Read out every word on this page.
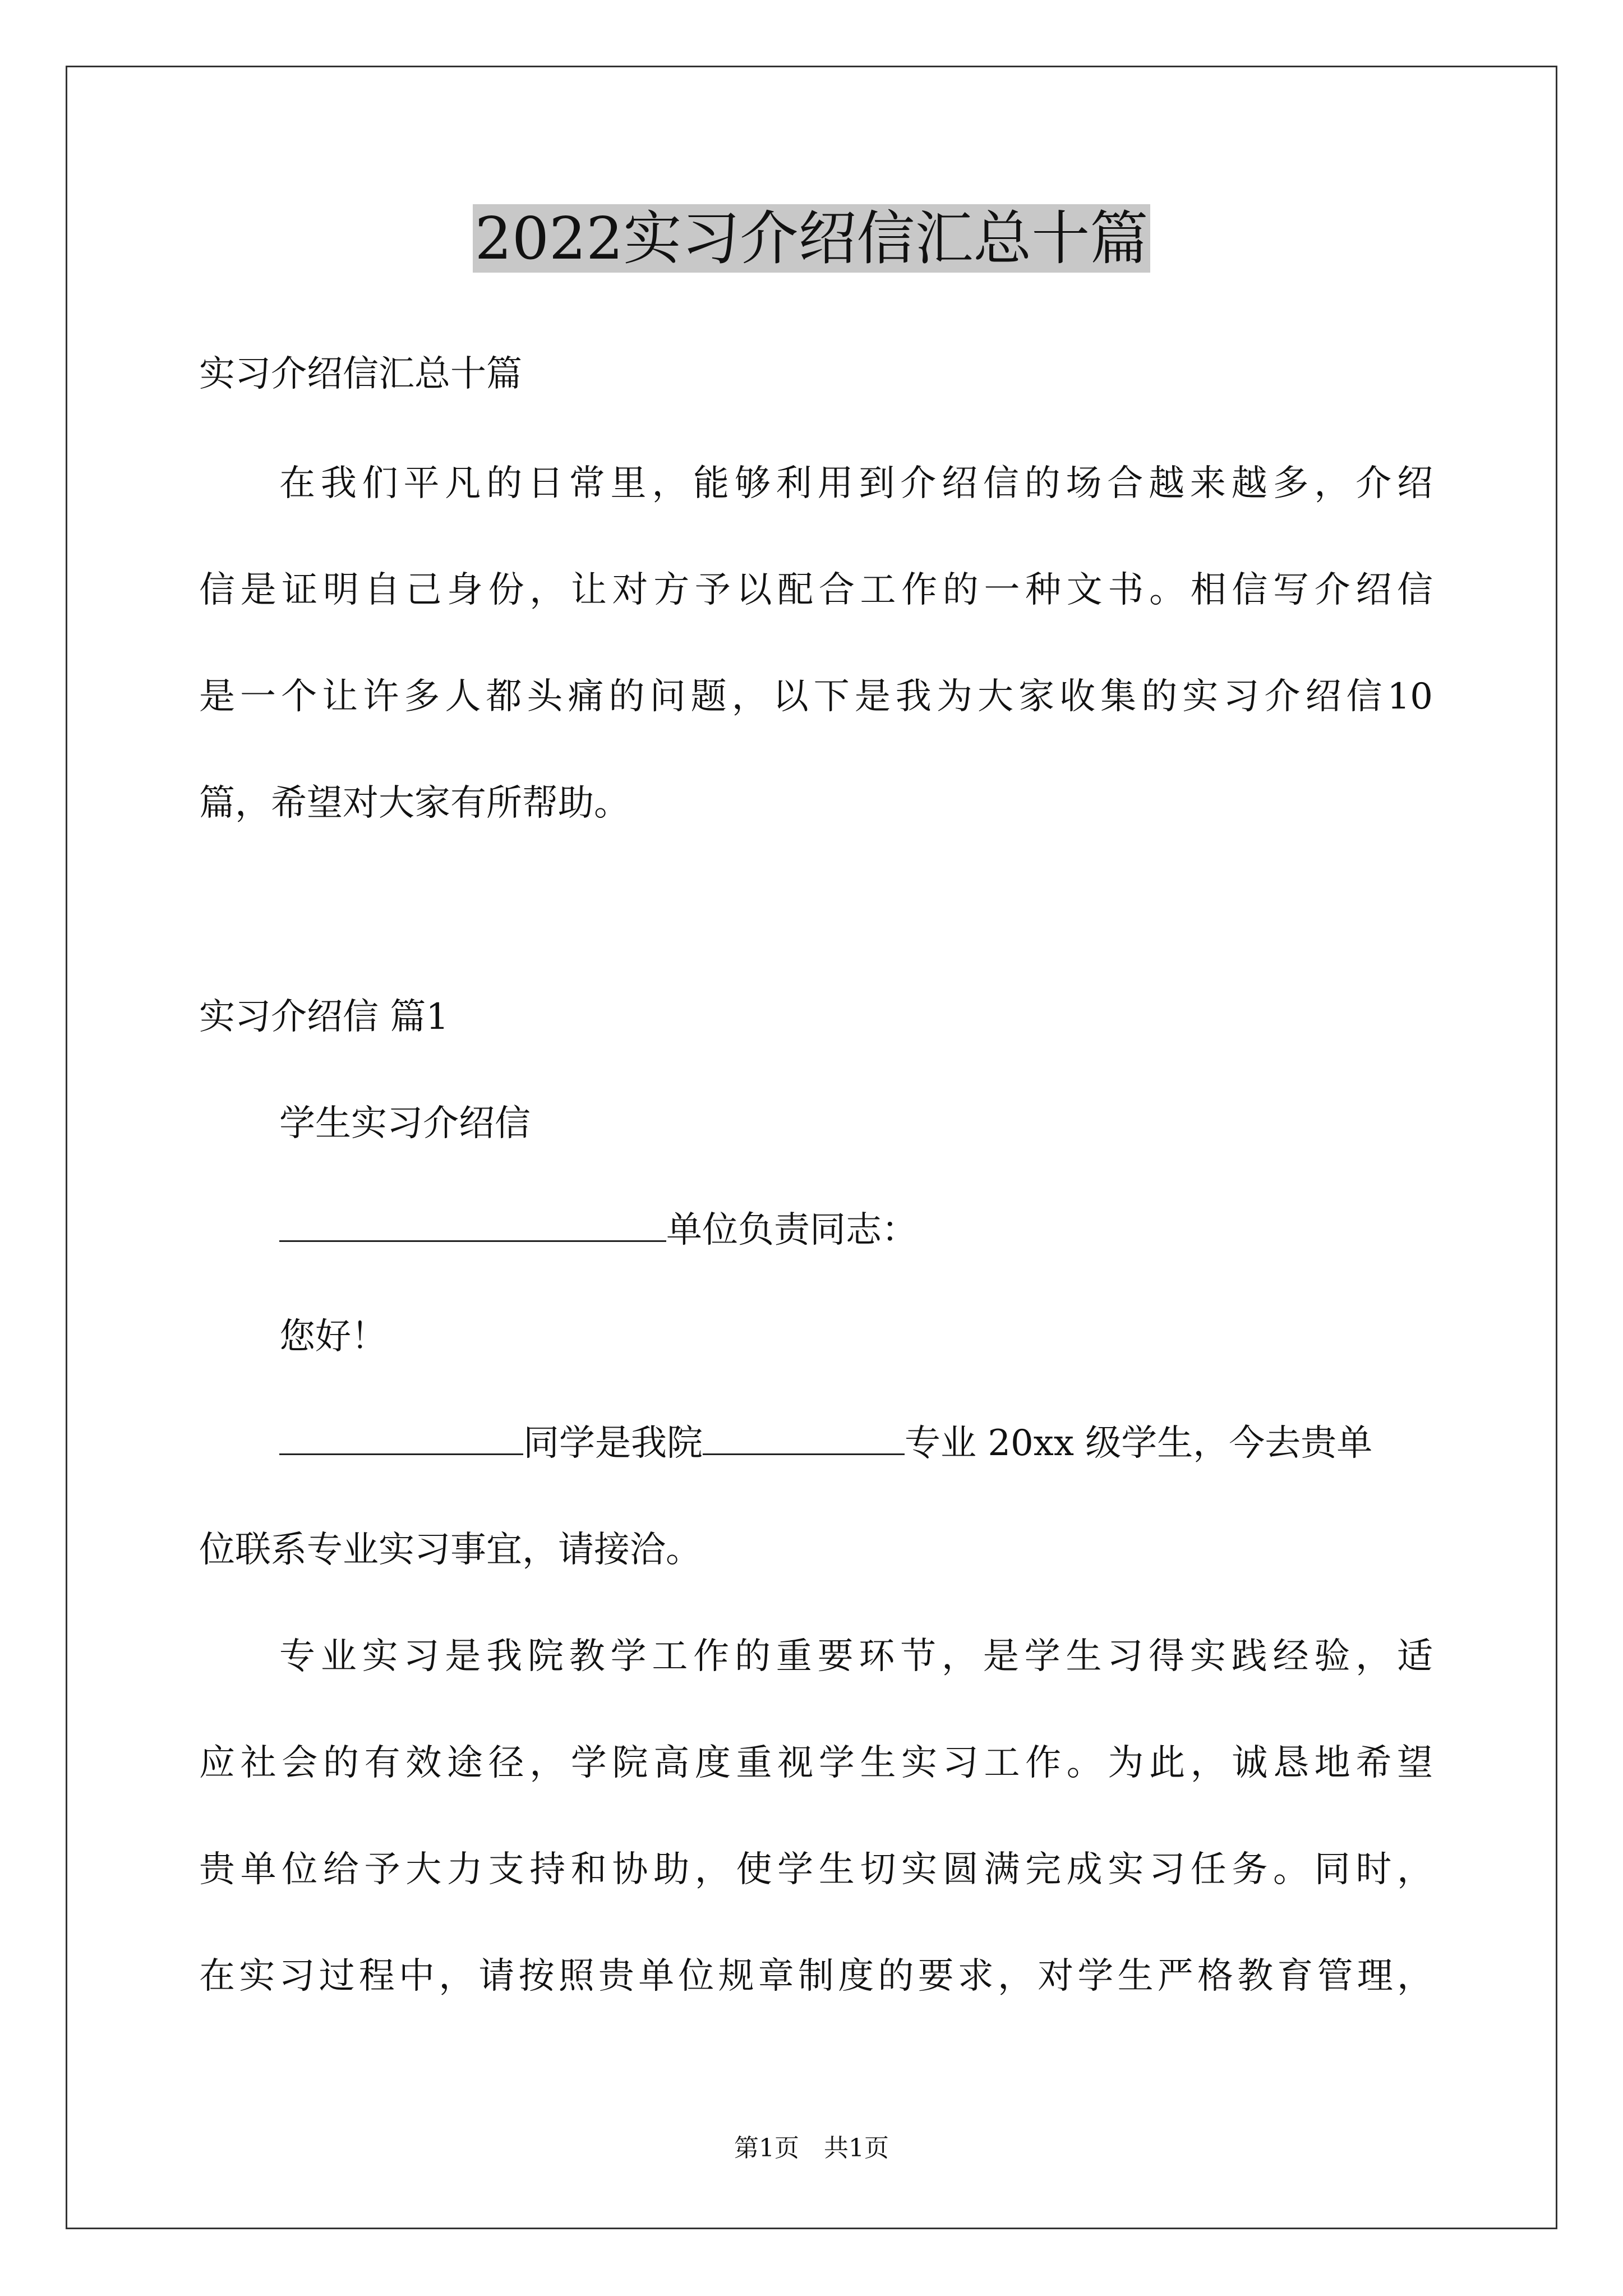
2022实习介绍信汇总十篇

实习介绍信汇总十篇

在我们平凡的日常里，能够利用到介绍信的场合越来越多，介绍

信是证明自己身份，让对方予以配合工作的一种文书。相信写介绍信

是一个让许多人都头痛的问题，以下是我为大家收集的实习介绍信10

篇，希望对大家有所帮助。

实习介绍信 篇1

学生实习介绍信

单位负责同志：

您好！

同学是我院	专业 20xx 级学生，今去贵单

位联系专业实习事宜，请接洽。

专业实习是我院教学工作的重要环节，是学生习得实践经验，适

应社会的有效途径，学院高度重视学生实习工作。为此，诚恳地希望

贵单位给予大力支持和协助，使学生切实圆满完成实习任务。同时，

在实习过程中，请按照贵单位规章制度的要求，对学生严格教育管理，

第1页　共1页
